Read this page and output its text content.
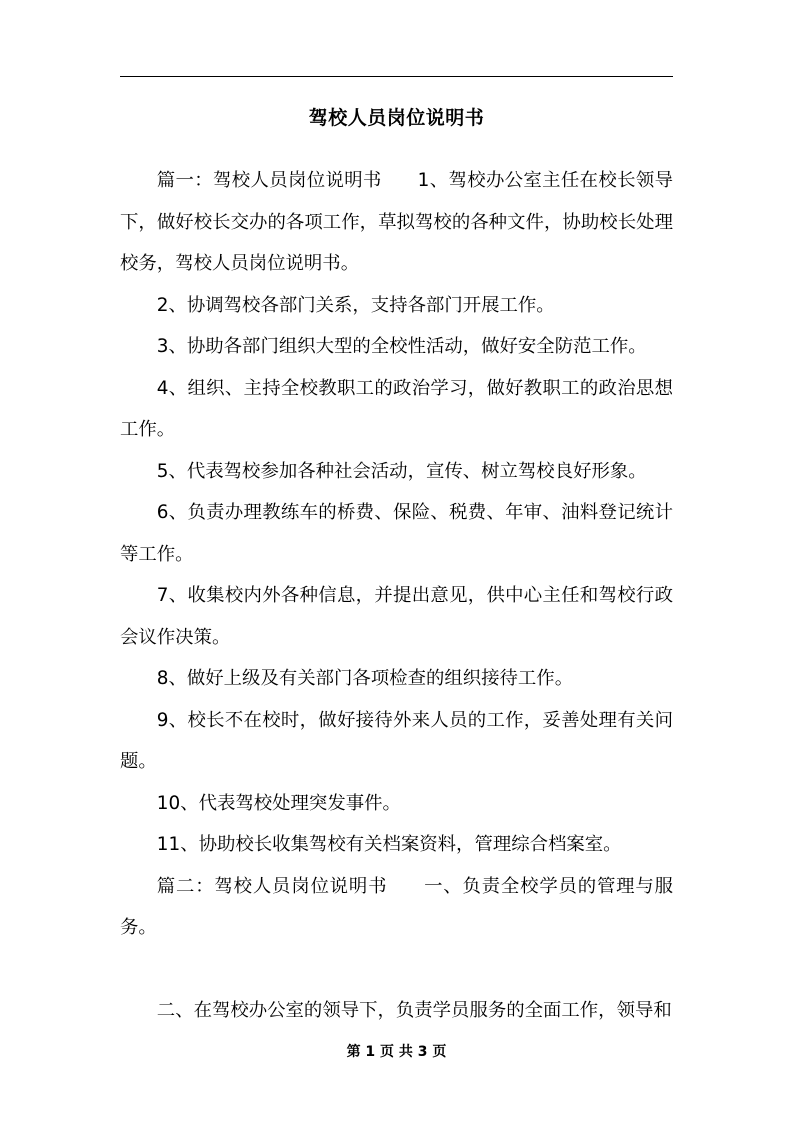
驾校人员岗位说明书

篇一：驾校人员岗位说明书 1、驾校办公室主任在校长领导下，做好校长交办的各项工作，草拟驾校的各种文件，协助校长处理校务，驾校人员岗位说明书。

2、协调驾校各部门关系，支持各部门开展工作。

3、协助各部门组织大型的全校性活动，做好安全防范工作。

4、组织、主持全校教职工的政治学习，做好教职工的政治思想工作。

5、代表驾校参加各种社会活动，宣传、树立驾校良好形象。

6、负责办理教练车的桥费、保险、税费、年审、油料登记统计等工作。

7、收集校内外各种信息，并提出意见，供中心主任和驾校行政会议作决策。

8、做好上级及有关部门各项检查的组织接待工作。

9、校长不在校时，做好接待外来人员的工作，妥善处理有关问题。

10、代表驾校处理突发事件。

11、协助校长收集驾校有关档案资料，管理综合档案室。

篇二：驾校人员岗位说明书 一、负责全校学员的管理与服务。

二、在驾校办公室的领导下，负责学员服务的全面工作，领导和

第 1 页 共 3 页
